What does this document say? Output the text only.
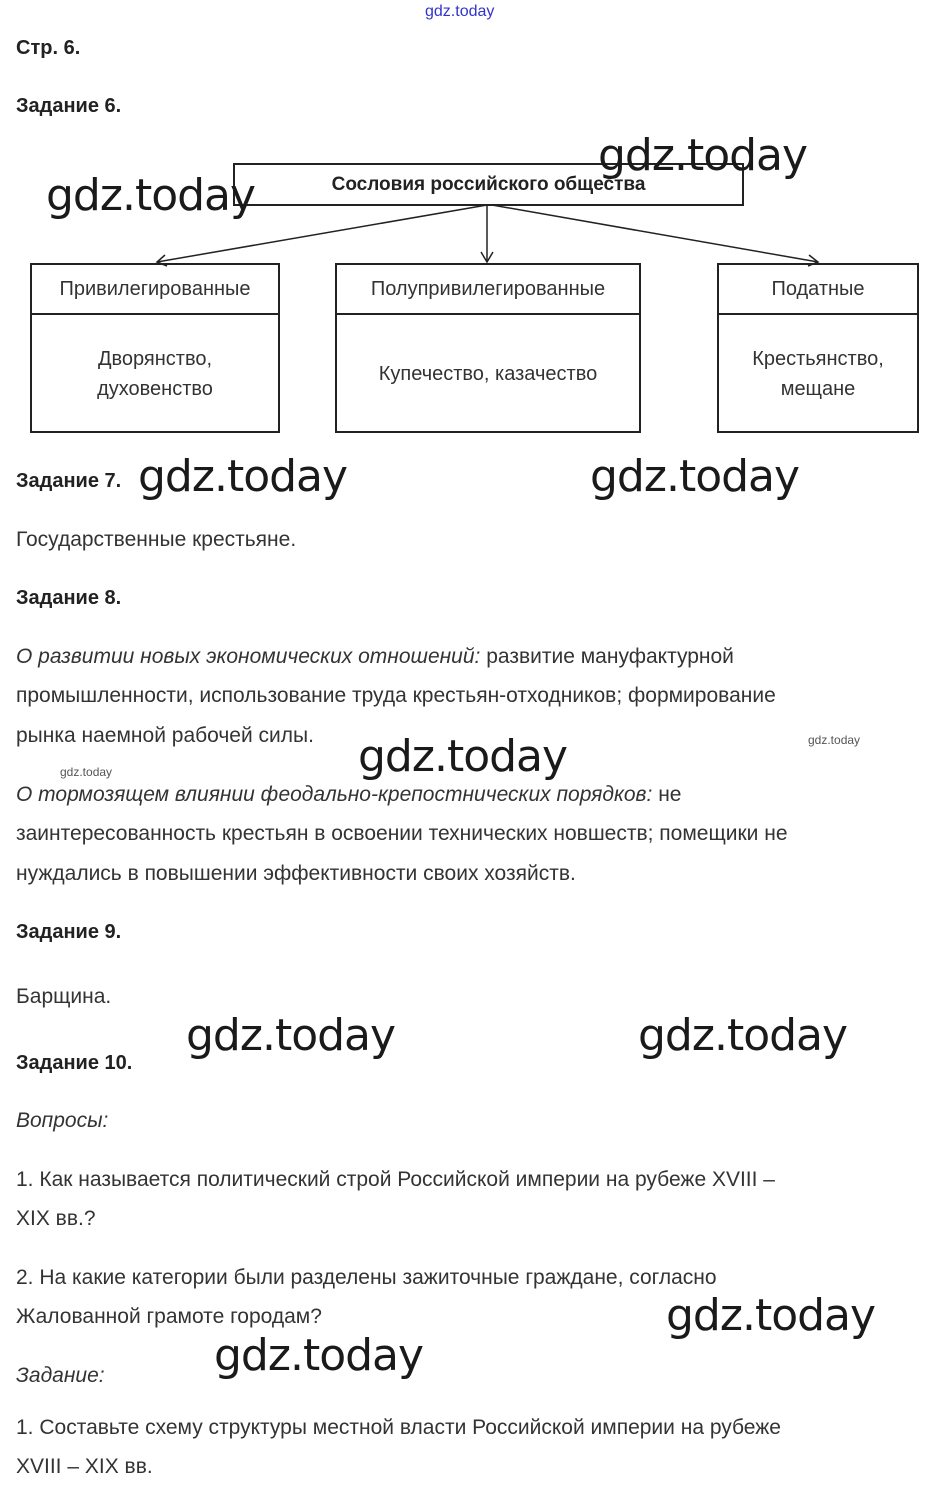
gdz.today
Стр. 6.
Задание 6.
Сословия российского общества
Привилегированные
Дворянство,
духовенство
Полупривилегированные
Купечество, казачество
Податные
Крестьянство,
мещане
Задание 7.
Государственные крестьяне.
Задание 8.
О развитии новых экономических отношений: развитие мануфактурной
промышленности, использование труда крестьян-отходников; формирование
рынка наемной рабочей силы.
О тормозящем влиянии феодально-крепостнических порядков: не
заинтересованность крестьян в освоении технических новшеств; помещики не
нуждались в повышении эффективности своих хозяйств.
Задание 9.
Барщина.
Задание 10.
Вопросы:
1. Как называется политический строй Российской империи на рубеже XVIII –
XIX вв.?
2. На какие категории были разделены зажиточные граждане, согласно
Жалованной грамоте городам?
Задание:
1. Составьте схему структуры местной власти Российской империи на рубеже
XVIII – XIX вв.
gdz.today
gdz.today
gdz.today	gdz.today
gdz.today
gdz.today	gdz.today
gdz.today
gdz.today
gdz.today
gdz.today
